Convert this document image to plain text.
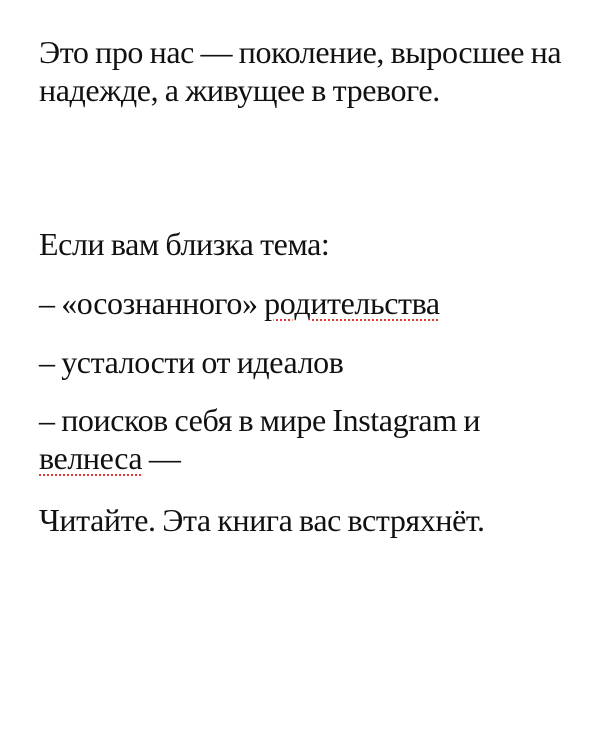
Это про нас — поколение, выросшее на надежде, а живущее в тревоге.

Если вам близка тема:

– «осознанного» родительства

– усталости от идеалов

– поисков себя в мире Instagram и велнеса —

Читайте. Эта книга вас встряхнёт.
